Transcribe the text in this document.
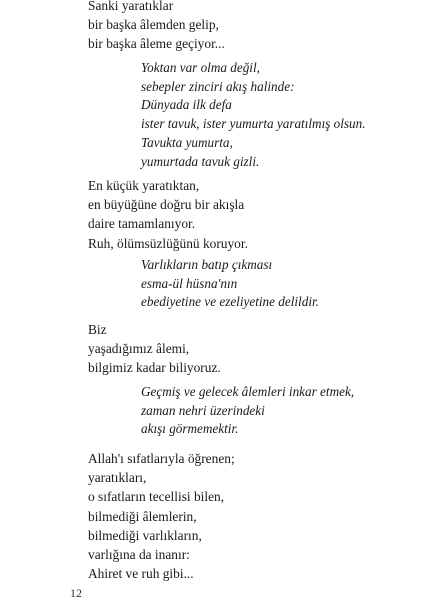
Sanki yaratıklar
bir başka âlemden gelip,
bir başka âleme geçiyor...

Yoktan var olma değil,
sebepler zinciri akış halinde:
Dünyada ilk defa
ister tavuk, ister yumurta yaratılmış olsun.
Tavukta yumurta,
yumurtada tavuk gizli.

En küçük yaratıktan,
en büyüğüne doğru bir akışla
daire tamamlanıyor.
Ruh, ölümsüzlüğünü koruyor.

Varlıkların batıp çıkması
esma-ül hüsna'nın
ebediyetine ve ezeliyetine delildir.

Biz
yaşadığımız âlemi,
bilgimiz kadar biliyoruz.

Geçmiş ve gelecek âlemleri inkar etmek,
zaman nehri üzerindeki
akışı görmemektir.

Allah'ı sıfatlarıyla öğrenen;
yaratıkları,
o sıfatların tecellisi bilen,
bilmediği âlemlerin,
bilmediği varlıkların,
varlığına da inanır:
Ahiret ve ruh gibi...

12
